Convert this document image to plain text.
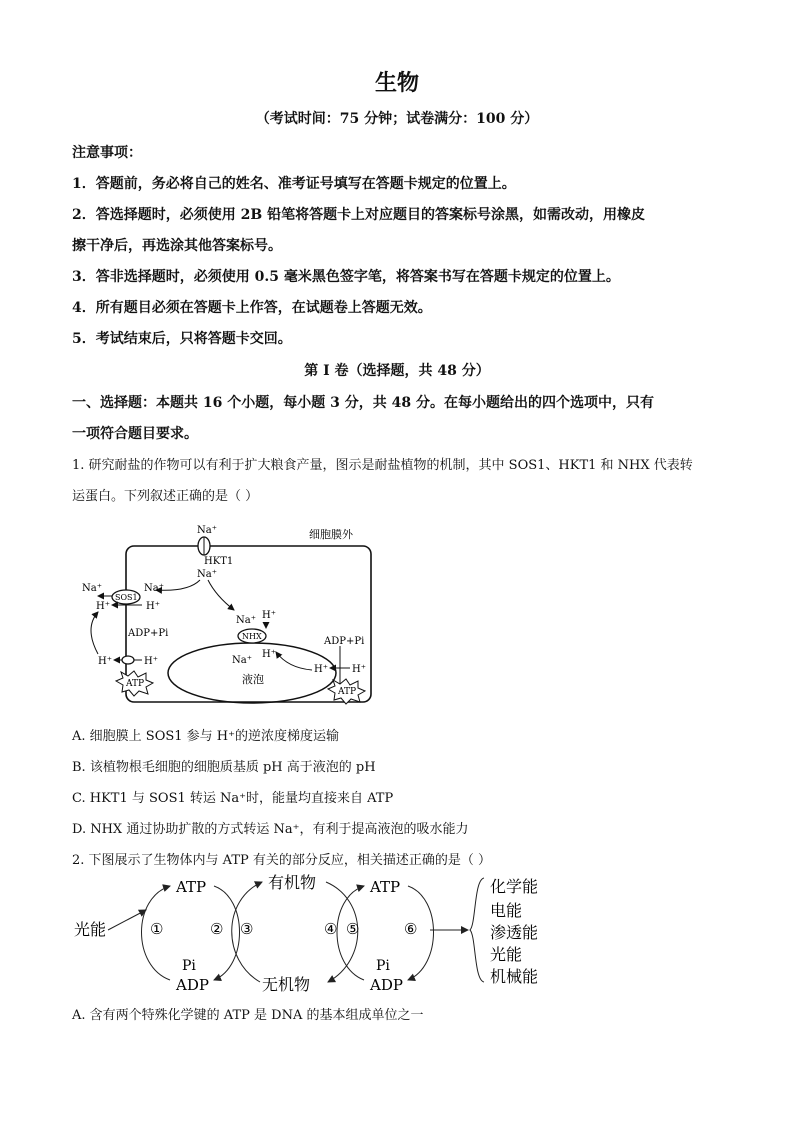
生物
（考试时间：75 分钟；试卷满分：100 分）
注意事项：
1．答题前，务必将自己的姓名、准考证号填写在答题卡规定的位置上。
2．答选择题时，必须使用 2B 铅笔将答题卡上对应题目的答案标号涂黑，如需改动，用橡皮
擦干净后，再选涂其他答案标号。
3．答非选择题时，必须使用 0.5 毫米黑色签字笔，将答案书写在答题卡规定的位置上。
4．所有题目必须在答题卡上作答，在试题卷上答题无效。
5．考试结束后，只将答题卡交回。
第 I 卷（选择题，共 48 分）
一、选择题：本题共 16 个小题，每小题 3 分，共 48 分。在每小题给出的四个选项中，只有
一项符合题目要求。
1. 研究耐盐的作物可以有利于扩大粮食产量，图示是耐盐植物的机制，其中 SOS1、HKT1 和 NHX 代表转
运蛋白。下列叙述正确的是（ ）
细胞膜外
Na⁺
HKT1
Na⁺
Na⁺	Na⁺
SOS1
H⁺	H⁺
ADP+Pi
H⁺	H⁺
ATP	液泡
H⁺
Na⁺
NHX
Na⁺
H⁺
ADP+Pi
H⁺ H⁺
ATP
A. 细胞膜上 SOS1 参与 H⁺的逆浓度梯度运输
B. 该植物根毛细胞的细胞质基质 pH 高于液泡的 pH
C. HKT1 与 SOS1 转运 Na⁺时，能量均直接来自 ATP
D. NHX 通过协助扩散的方式转运 Na⁺，有利于提高液泡的吸水能力
2. 下图展示了生物体内与 ATP 有关的部分反应，相关描述正确的是（ ）
光能
ATP
Pi
ADP
①	②
有机物
无机物
③	④
ATP
Pi
ADP
⑤	⑥
化学能
电能
渗透能
光能
机械能
A. 含有两个特殊化学键的 ATP 是 DNA 的基本组成单位之一
